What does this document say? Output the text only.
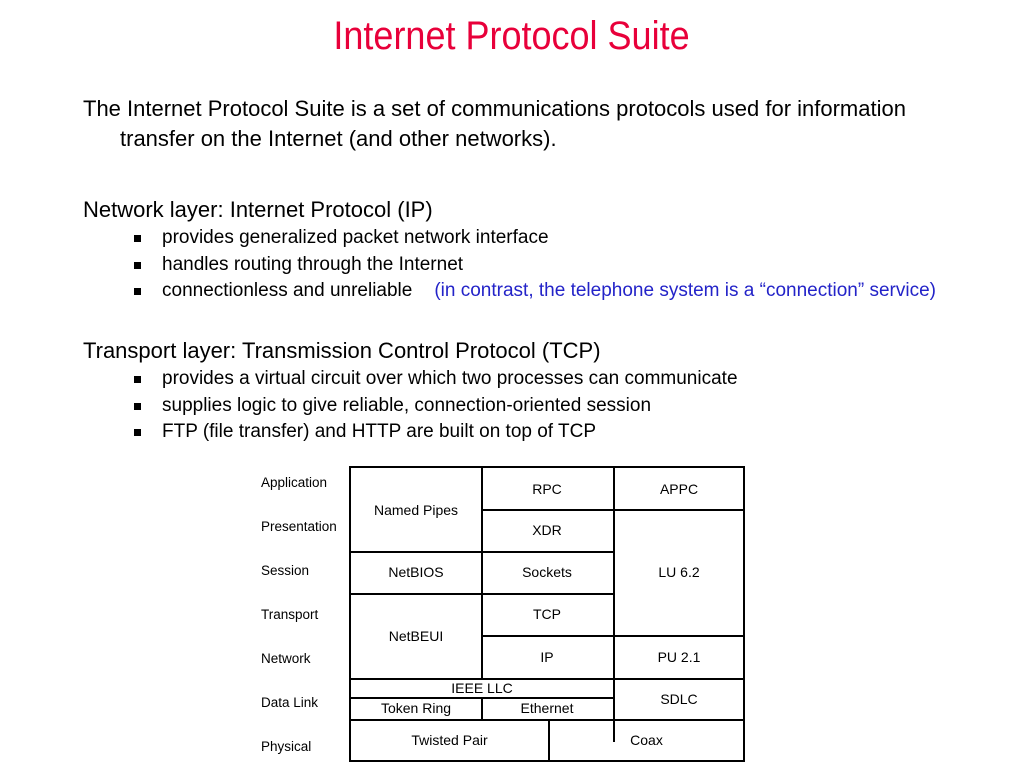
Internet Protocol Suite
The Internet Protocol Suite is a set of communications protocols used for information transfer on the Internet (and other networks).
Network layer: Internet Protocol (IP)
provides generalized packet network interface
handles routing through the Internet
connectionless and unreliable (in contrast, the telephone system is a “connection” service)
Transport layer: Transmission Control Protocol (TCP)
provides a virtual circuit over which two processes can communicate
supplies logic to give reliable, connection-oriented session
FTP (file transfer) and HTTP are built on top of TCP
Application
Presentation
Session
Transport
Network
Data Link
Physical
Named Pipes
NetBIOS
NetBEUI
RPC
XDR
Sockets
TCP
IP
APPC
LU 6.2
PU 2.1
IEEE LLC
Token Ring	Ethernet
SDLC
Twisted Pair	Coax
